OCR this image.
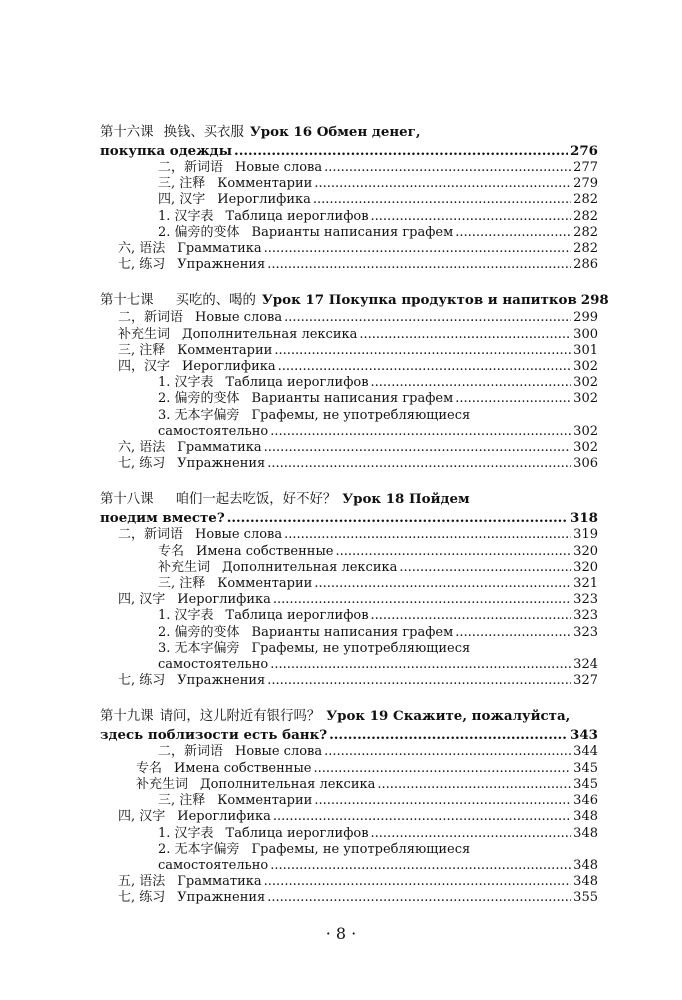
第十六课 换钱、买衣服 Урок 16 Обмен денег,
покупка одежды .....	276
二，新词语 Новые слова .....	277
三, 注释 Комментарии .....	279
四, 汉字 Иероглифика .....	282
1. 汉字表 Таблица иероглифов .....	282
2. 偏旁的变体 Варианты написания графем .....	282
六, 语法 Грамматика .....	282
七, 练习 Упражнения .....	286
第十七课 买吃的、喝的 Урок 17 Покупка продуктов и напитков 298
二，新词语 Новые слова .....	299
补充生词 Дополнительная лексика .....	300
三, 注释 Комментарии .....	301
四，汉字 Иероглифика .....	302
1. 汉字表 Таблица иероглифов .....	302
2. 偏旁的变体 Варианты написания графем .....	302
3. 无本字偏旁 Графемы, не употребляющиеся
самостоятельно .....	302
六, 语法 Грамматика .....	302
七, 练习 Упражнения .....	306
第十八课 咱们一起去吃饭，好不好？ Урок 18 Пойдем
поедим вместе? .....	318
二，新词语 Новые слова .....	319
专名 Имена собственные .....	320
补充生词 Дополнительная лексика .....	320
三, 注释 Комментарии .....	321
四, 汉字 Иероглифика .....	323
1. 汉字表 Таблица иероглифов .....	323
2. 偏旁的变体 Варианты написания графем .....	323
3. 无本字偏旁 Графемы, не употребляющиеся
самостоятельно .....	324
七, 练习 Упражнения .....	327
第十九课 请问，这儿附近有银行吗？ Урок 19 Скажите, пожалуйста,
здесь поблизости есть банк? .....	343
二，新词语 Новые слова .....	344
专名 Имена собственные .....	345
补充生词 Дополнительная лексика .....	345
三, 注释 Комментарии .....	346
四, 汉字 Иероглифика .....	348
1. 汉字表 Таблица иероглифов .....	348
2. 无本字偏旁 Графемы, не употребляющиеся
самостоятельно .....	348
五, 语法 Грамматика .....	348
七, 练习 Упражнения .....	355
· 8 ·
